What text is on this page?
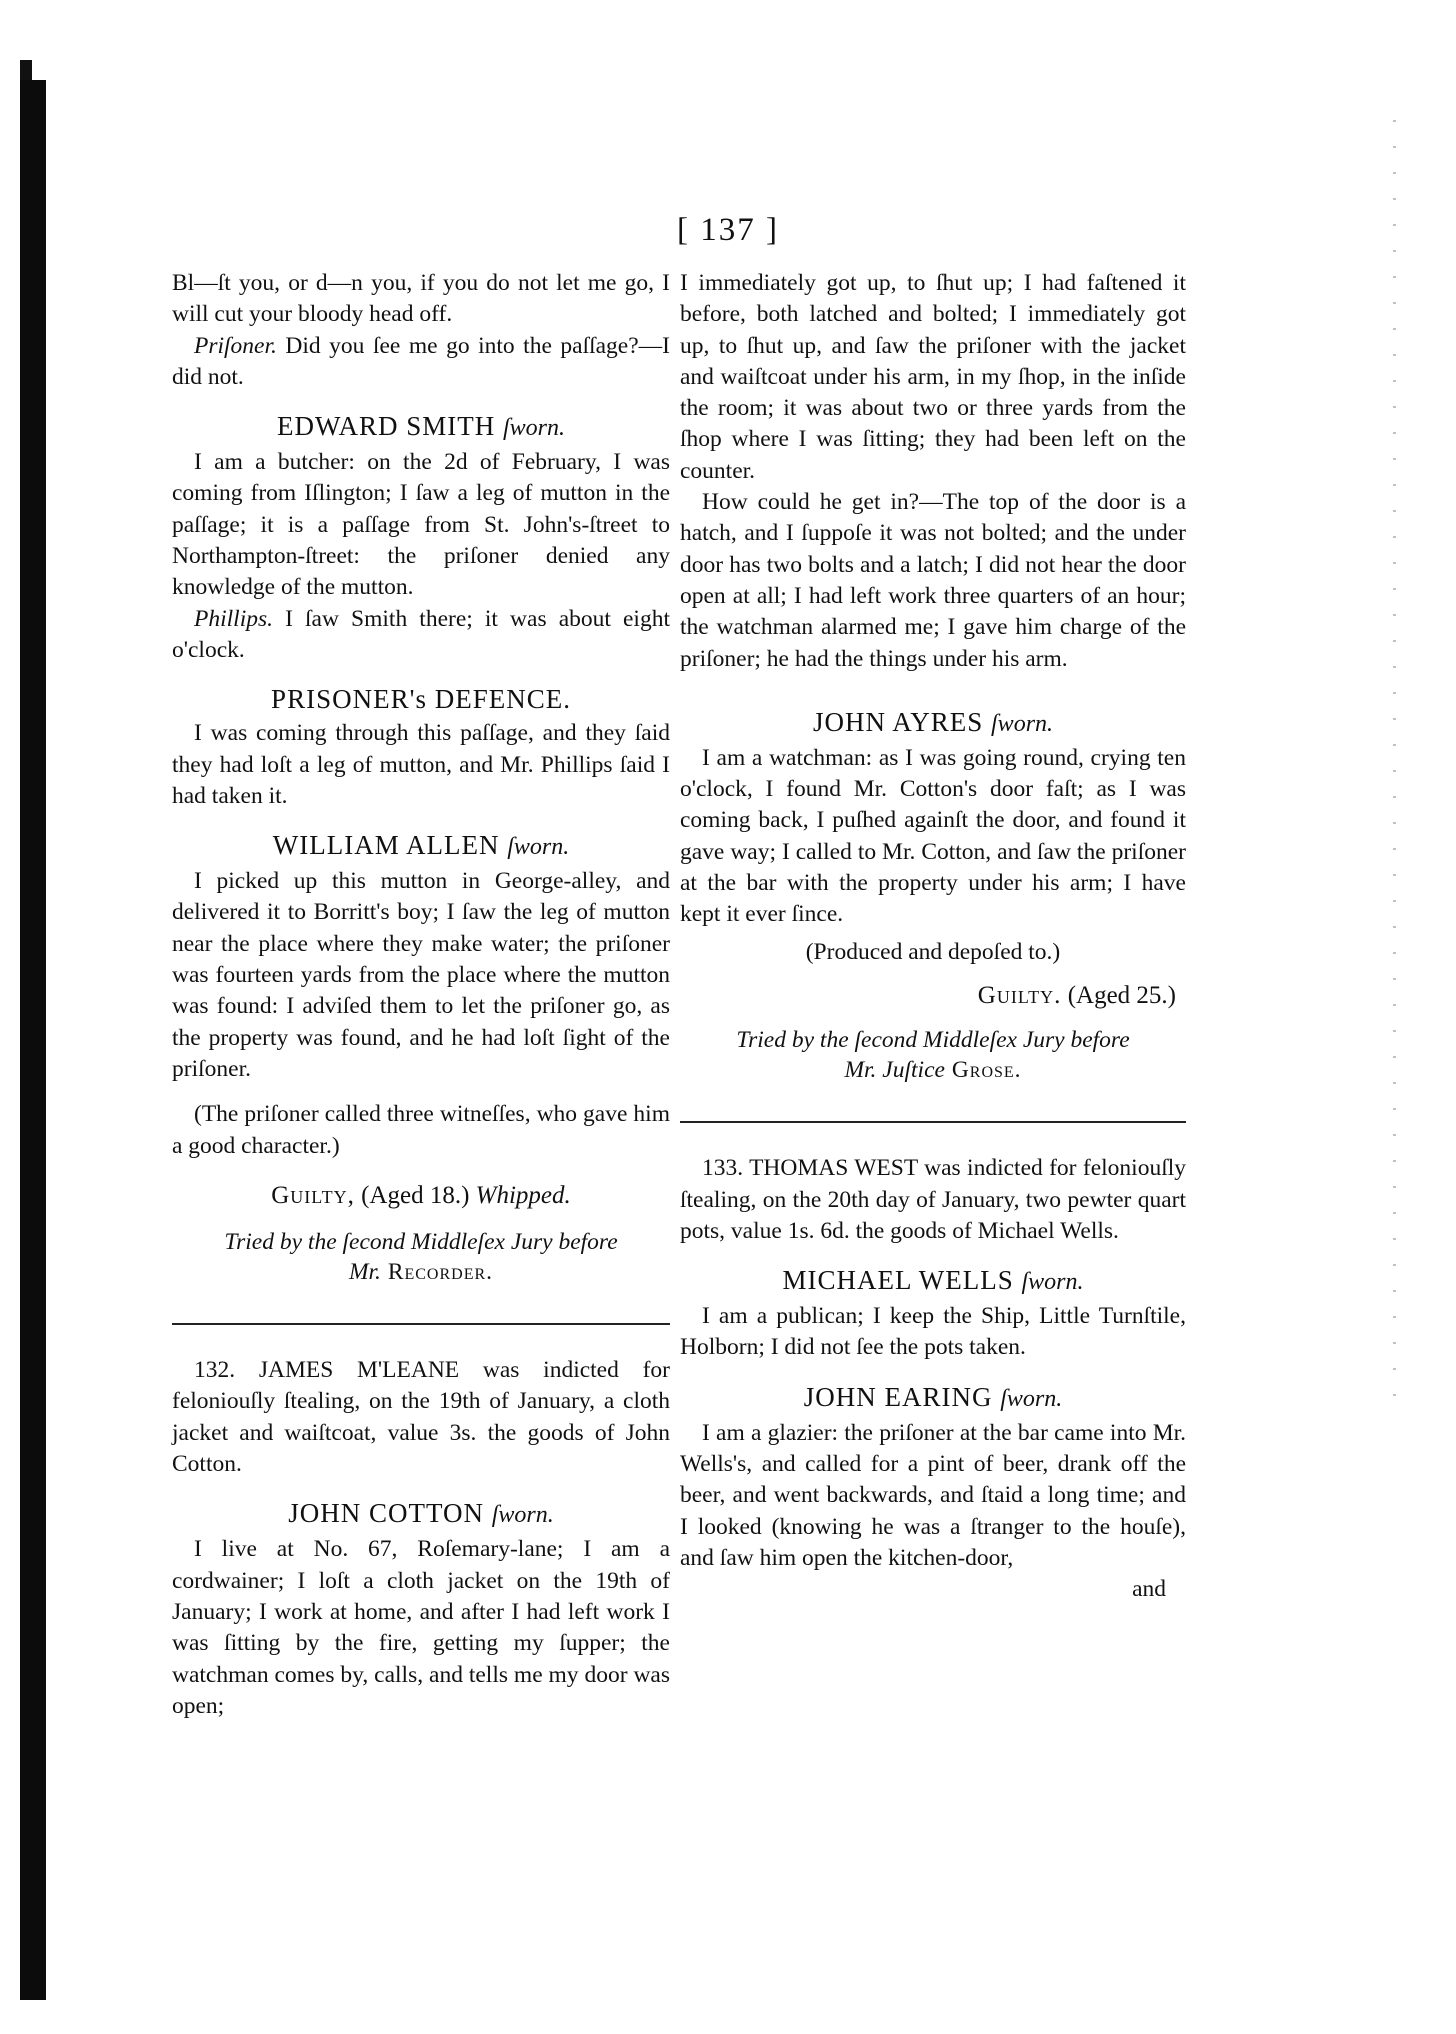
[ 137 ]

Bl—ſt you, or d—n you, if you do not let me go, I will cut your bloody head off.

Priſoner. Did you ſee me go into the paſſage?—I did not.

EDWARD SMITH ſworn.

I am a butcher: on the 2d of February, I was coming from Iſlington; I ſaw a leg of mutton in the paſſage; it is a paſſage from St. John's-ſtreet to Northampton-ſtreet: the priſoner denied any knowledge of the mutton.

Phillips. I ſaw Smith there; it was about eight o'clock.

PRISONER's DEFENCE.

I was coming through this paſſage, and they ſaid they had loſt a leg of mutton, and Mr. Phillips ſaid I had taken it.

WILLIAM ALLEN ſworn.

I picked up this mutton in George-alley, and delivered it to Borritt's boy; I ſaw the leg of mutton near the place where they make water; the priſoner was fourteen yards from the place where the mutton was found: I adviſed them to let the priſoner go, as the property was found, and he had loſt ſight of the priſoner.

(The priſoner called three witneſſes, who gave him a good character.)

Guilty, (Aged 18.) Whipped.
Tried by the ſecond Middleſex Jury before
Mr. Recorder.

132. JAMES M'LEANE was indicted for feloniouſly ſtealing, on the 19th of January, a cloth jacket and waiſtcoat, value 3s. the goods of John Cotton.

JOHN COTTON ſworn.

I live at No. 67, Roſemary-lane; I am a cordwainer; I loſt a cloth jacket on the 19th of January; I work at home, and after I had left work I was ſitting by the fire, getting my ſupper; the watchman comes by, calls, and tells me my door was open;

I immediately got up, to ſhut up; I had faſtened it before, both latched and bolted; I immediately got up, to ſhut up, and ſaw the priſoner with the jacket and waiſtcoat under his arm, in my ſhop, in the inſide the room; it was about two or three yards from the ſhop where I was ſitting; they had been left on the counter.

How could he get in?—The top of the door is a hatch, and I ſuppoſe it was not bolted; and the under door has two bolts and a latch; I did not hear the door open at all; I had left work three quarters of an hour; the watchman alarmed me; I gave him charge of the priſoner; he had the things under his arm.

JOHN AYRES ſworn.

I am a watchman: as I was going round, crying ten o'clock, I found Mr. Cotton's door faſt; as I was coming back, I puſhed againſt the door, and found it gave way; I called to Mr. Cotton, and ſaw the priſoner at the bar with the property under his arm; I have kept it ever ſince.

(Produced and depoſed to.)

Guilty. (Aged 25.)
Tried by the ſecond Middleſex Jury before
Mr. Juſtice Grose.

133. THOMAS WEST was indicted for feloniouſly ſtealing, on the 20th day of January, two pewter quart pots, value 1s. 6d. the goods of Michael Wells.

MICHAEL WELLS ſworn.

I am a publican; I keep the Ship, Little Turnſtile, Holborn; I did not ſee the pots taken.

JOHN EARING ſworn.

I am a glazier: the priſoner at the bar came into Mr. Wells's, and called for a pint of beer, drank off the beer, and went backwards, and ſtaid a long time; and I looked (knowing he was a ſtranger to the houſe), and ſaw him open the kitchen-door,

and
